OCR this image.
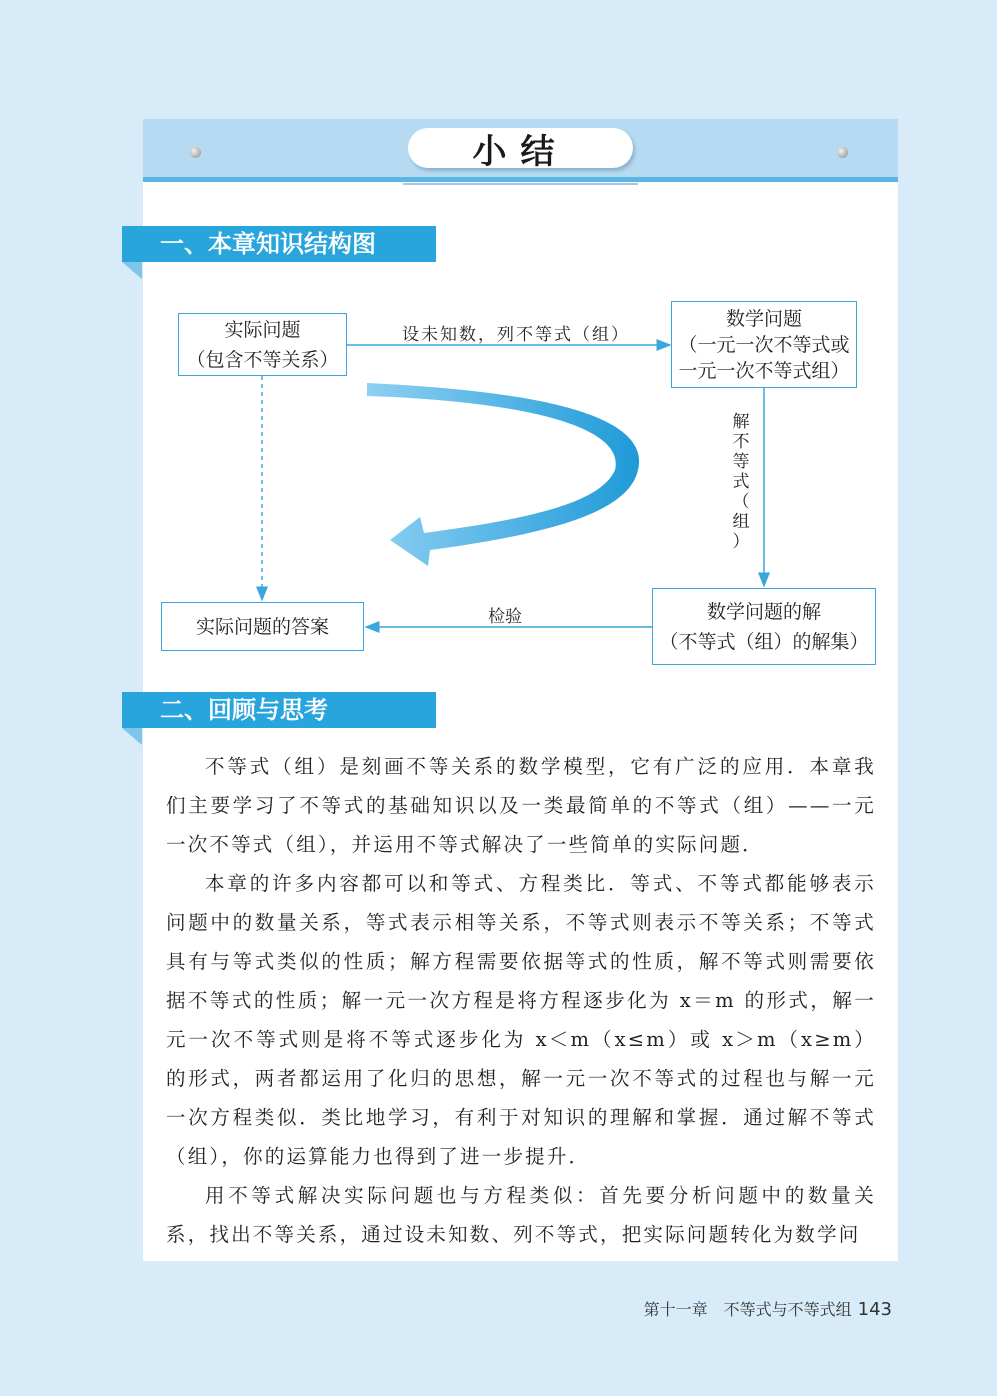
小结
一、本章知识结构图
实际问题
（包含不等关系）
数学问题
（一元一次不等式或
一元一次不等式组）
数学问题的解
（不等式（组）的解集）
实际问题的答案
设未知数，列不等式（组）
检验
解
不
等
式
（
组
）
二、回顾与思考

不等式（组）是刻画不等关系的数学模型，它有广泛的应用．本章我们主要学习了不等式的基础知识以及一类最简单的不等式（组）——一元一次不等式（组），并运用不等式解决了一些简单的实际问题．

本章的许多内容都可以和等式、方程类比．等式、不等式都能够表示问题中的数量关系，等式表示相等关系，不等式则表示不等关系；不等式具有与等式类似的性质；解方程需要依据等式的性质，解不等式则需要依据不等式的性质；解一元一次方程是将方程逐步化为 x＝m 的形式，解一元一次不等式则是将不等式逐步化为 x＜m（x≤m）或 x＞m（x≥m）的形式，两者都运用了化归的思想，解一元一次不等式的过程也与解一元一次方程类似．类比地学习，有利于对知识的理解和掌握．通过解不等式（组），你的运算能力也得到了进一步提升．

用不等式解决实际问题也与方程类似：首先要分析问题中的数量关系，找出不等关系，通过设未知数、列不等式，把实际问题转化为数学问

第十一章　不等式与不等式组 143
